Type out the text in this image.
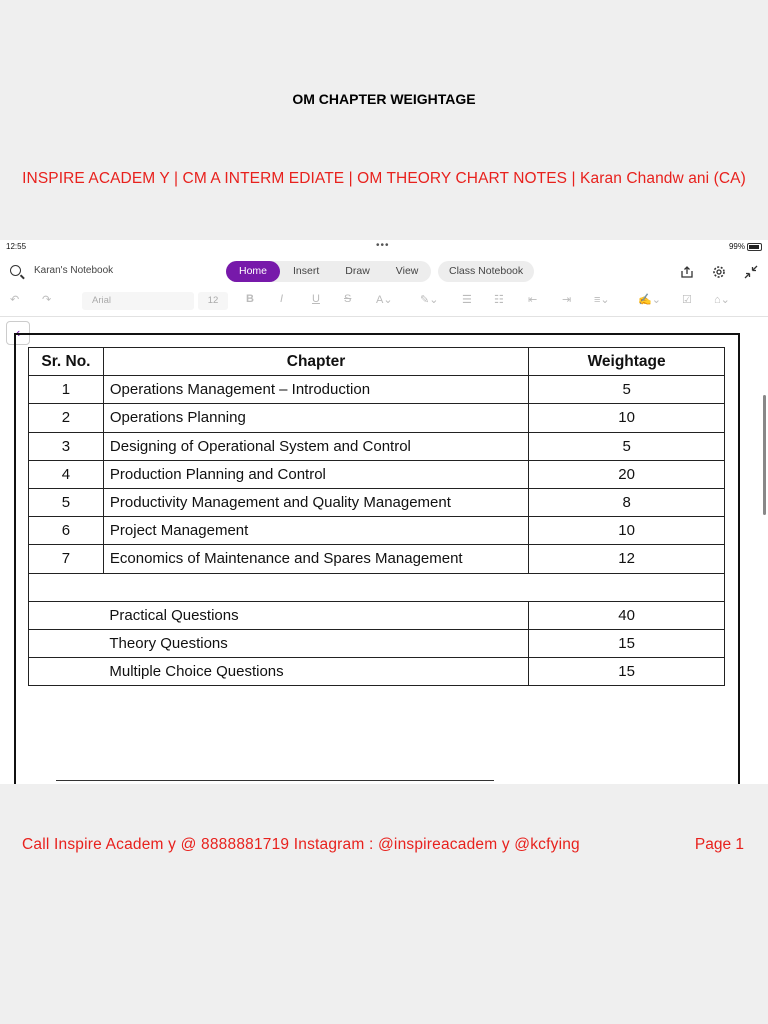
OM CHAPTER WEIGHTAGE
INSPIRE ACADEM Y | CM A INTERM EDIATE | OM THEORY CHART NOTES | Karan Chandw ani (CA)
12:55	•••	99%
Karan's Notebook	Home	Insert	Draw	View	Class Notebook
↶ ↷	Arial	12	B I	U S A⌄ ✎⌄ ☰ ☷ ⇤ ⇥ ≡⌄	✍⌄ ☑ ⌂⌄
‹
Sr. No.	Chapter	Weightage
1	Operations Management – Introduction	5
2	Operations Planning	10
3	Designing of Operational System and Control	5
4	Production Planning and Control	20
5	Productivity Management and Quality Management	8
6	Project Management	10
7	Economics of Maintenance and Spares Management	12

	Practical Questions	40
	Theory Questions	15
	Multiple Choice Questions	15
Call Inspire Academ y @ 8888881719 Instagram : @inspireacadem y @kcfying	Page 1
